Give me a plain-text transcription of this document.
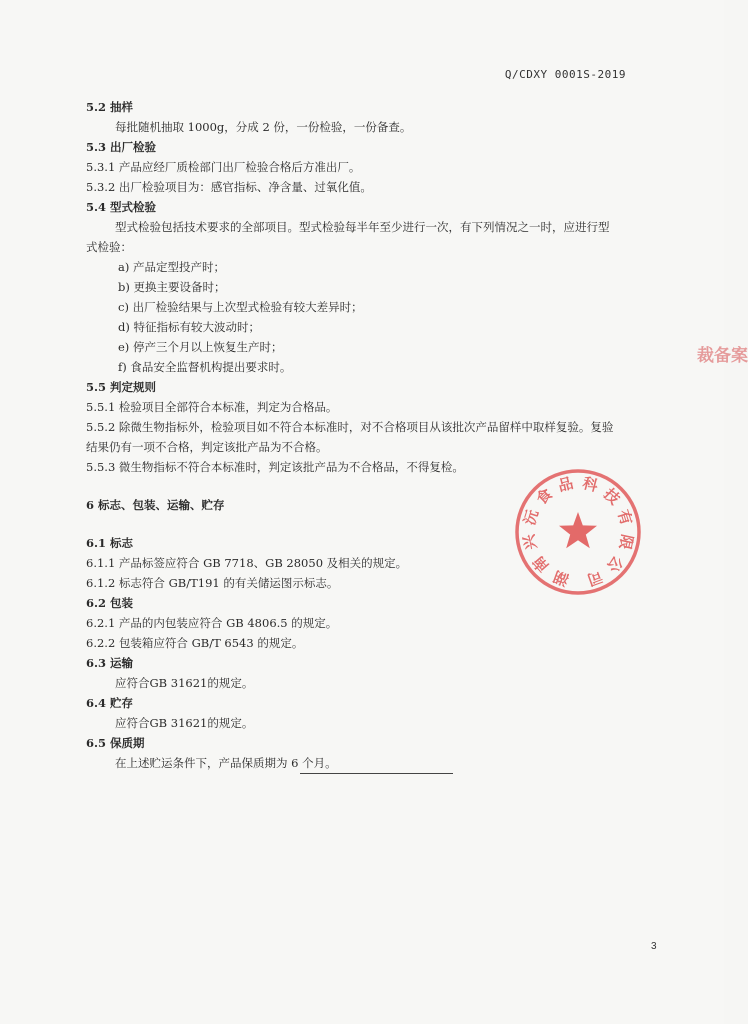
Q/CDXY 0001S-2019
5.2 抽样
每批随机抽取 1000g，分成 2 份，一份检验，一份备查。
5.3 出厂检验
5.3.1 产品应经厂质检部门出厂检验合格后方准出厂。
5.3.2 出厂检验项目为：感官指标、净含量、过氧化值。
5.4 型式检验
型式检验包括技术要求的全部项目。型式检验每半年至少进行一次，有下列情况之一时，应进行型
式检验：
a) 产品定型投产时；
b) 更换主要设备时；
c) 出厂检验结果与上次型式检验有较大差异时；
d) 特征指标有较大波动时；
e) 停产三个月以上恢复生产时；
f) 食品安全监督机构提出要求时。
5.5 判定规则
5.5.1 检验项目全部符合本标准，判定为合格品。
5.5.2 除微生物指标外，检验项目如不符合本标准时，对不合格项目从该批次产品留样中取样复验。复验
结果仍有一项不合格，判定该批产品为不合格。
5.5.3 微生物指标不符合本标准时，判定该批产品为不合格品，不得复检。
6 标志、包装、运输、贮存
6.1 标志
6.1.1 产品标签应符合 GB 7718、GB 28050 及相关的规定。
6.1.2 标志符合 GB/T191 的有关储运图示标志。
6.2 包装
6.2.1 产品的内包装应符合 GB 4806.5 的规定。
6.2.2 包装箱应符合 GB/T 6543 的规定。
6.3 运输
应符合GB 31621的规定。
6.4 贮存
应符合GB 31621的规定。
6.5 保质期
在上述贮运条件下，产品保质期为 6 个月。
湖
南
兴
沅
食
品 科
技
有
限
公
司
裁备案
3
